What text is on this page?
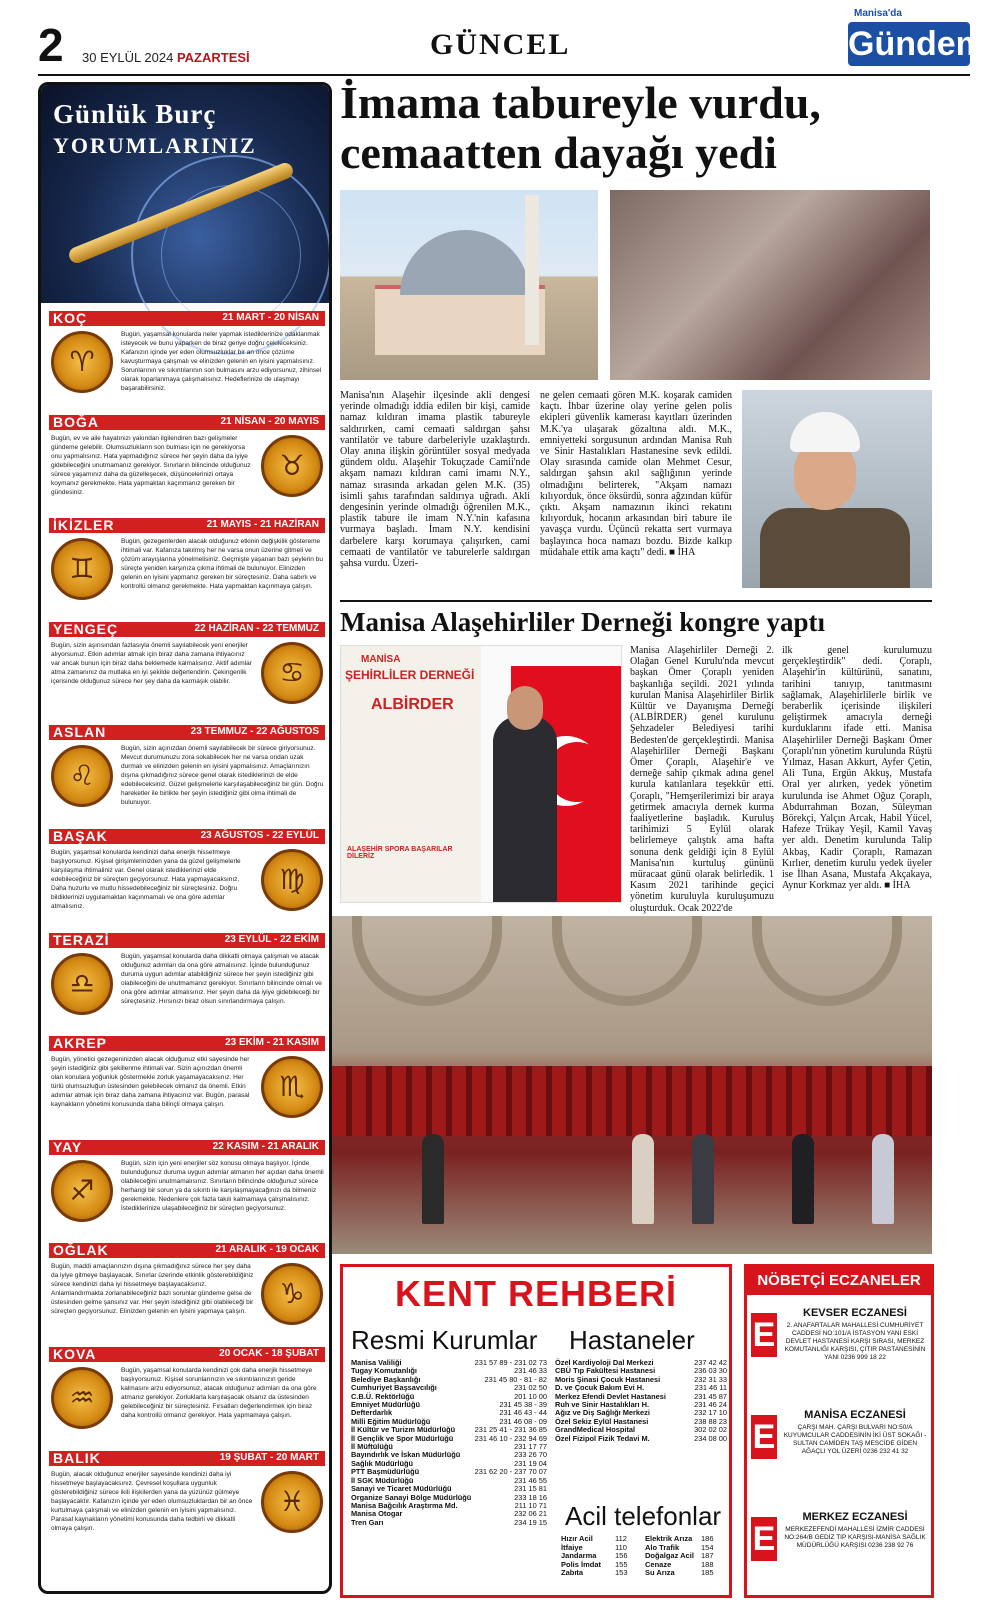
2 30 EYLÜL 2024 PAZARTESİ	GÜNCEL
Manisa'da
Gündem
Günlük Burç
YORUMLARINIZ
KOÇ	21 MART - 20 NİSAN
♈
Bugün, yaşamsal konularda neler yapmak istediklerinize odaklanmak isteyecek ve bunu yaparken de biraz geriye doğru çekileceksiniz. Kafanızın içinde yer eden olumsuzluklar bir an önce çözüme kavuşturmaya çalışmalı ve elinizden gelenin en iyisini yapmalısınız. Sorunlarının ve sıkıntılarının son bulmasını arzu ediyorsunuz, zihinsel olarak toparlanmaya çalışmalısınız. Hedeflerinize de ulaşmayı başarabilirsiniz.
BOĞA	21 NİSAN - 20 MAYIS
♉
Bugün, ev ve aile hayatınızı yakından ilgilendiren bazı gelişmeler gündeme gelebilir. Olumsuzlukların son bulması için ne gerekiyorsa onu yapmalısınız. Hata yapmadığınız sürece her şeyin daha da iyiye gidebileceğini unutmamanız gerekiyor. Sınırların bilincinde olduğunuz sürece yaşamınız daha da güzelleşecek, düşüncelerinizi ortaya koymanız gerekmekte. Hata yapmaktan kaçınmanız gereken bir gündesiniz.
İKİZLER	21 MAYIS - 21 HAZİRAN
♊
Bugün, gezegenlerden alacak olduğunuz etkinin değişkilik göstereme ihtimali var. Kafanıza takılmış her ne varsa onun üzerine gitmeli ve çözüm arayışlarına yönelmelisiniz. Geçmişte yaşanan bazı şeylerin bu süreçte yeniden karşınıza çıkma ihtimali de bulunuyor. Elinizden gelenin en iyisini yapmanız gereken bir süreçtesiniz. Daha sabırlı ve kontrollü olmanız gerekmekte. Hata yapmaktan kaçınmaya çalışın.
YENGEÇ	22 HAZİRAN - 22 TEMMUZ
♋
Bugün, sizin aşırısından fazlasıyla önemli sayılabilecek yeni enerjiler alıyorsunuz. Etkin adımlar atmak için biraz daha zamana ihtiyacınız var ancak bunun için biraz daha beklemede kalmalısınız. Aktif adımlar atma zamanınız da mutlaka en iyi şekilde değerlendirin. Çekingenlik içerisinde olduğunuz sürece her şey daha da karmaşık olabilir.
ASLAN	23 TEMMUZ - 22 AĞUSTOS
♌
Bugün, sizin açınızdan önemli sayılabilecek bir sürece giriyorsunuz. Mevcut durumunuzu zora sokabilecek her ne varsa ondan uzak durmalı ve elinizden gelenin en iyisini yapmalısınız. Amaçlarınızın dışına çıkmadığınız sürece genel olarak istediklerinizi de elde edebileceksiniz. Güzel gelişmelerle karşılaşabileceğiniz bir gün. Doğru hareketler ile birlikte her şeyin istediğiniz gibi olma ihtimali de bulunuyor.
BAŞAK	23 AĞUSTOS - 22 EYLÜL
♍
Bugün, yaşamsal konularda kendinizi daha enerjik hissetmeye başlıyorsunuz. Kişisel girişimlerinizden yana da güzel gelişmelerle karşılaşma ihtimaliniz var. Genel olarak istediklerinizi elde edebileceğiniz bir süreçten geçiyorsunuz. Hata yapmayacaksınız. Daha huzurlu ve mutlu hissedebileceğiniz bir süreçtesiniz. Doğru bildiklerinizi uygulamaktan kaçınmamalı ve ona göre adımlar atmalısınız.
TERAZİ	23 EYLÜL - 22 EKİM
♎
Bugün, yaşamsal konularda daha dikkatli olmaya çalışmalı ve atacak olduğunuz adımları da ona göre atmalısınız. İçinde bulunduğunuz duruma uygun adımlar atabildiğiniz sürece her şeyin istediğiniz gibi olabileceğini de unutmamanız gerekiyor. Sınırların bilincinde olmalı ve ona göre adımlar atmalısınız. Her şeyin daha da iyiye gidebileceği bir süreçtesiniz. Hırsınızı biraz olsun sınırlandırmaya çalışın.
AKREP	23 EKİM - 21 KASIM
♏
Bugün, yönetici gezegeninizden alacak olduğunuz etki sayesinde her şeyin istediğiniz gibi şekillenme ihtimali var. Sizin açınızdan önemli olan konulara yoğunluk göstermekle zorluk yaşamayacaksınız. Her türlü olumsuzluğun üstesinden gelebilecek olmanız da önemli. Etkin adımlar atmak için biraz daha zamana ihtiyacınız var. Bugün, parasal kaynakların yönetimi konusunda daha bilinçli olmaya çalışın.
YAY	22 KASIM - 21 ARALIK
♐
Bugün, sizin için yeni enerjiler söz konusu olmaya başlıyor. İçinde bulunduğunuz duruma uygun adımlar atmanın her açıdan daha önemli olabileceğini unutmamalısınız. Sınırların bilincinde olduğunuz sürece herhangi bir sorun ya da sıkıntı ile karşılaşmayacağınızı da bilmeniz gerekmekte. Nedenlere çok fazla takılı kalmamaya çalışmalısınız. İstediklerinize ulaşabileceğiniz bir süreçten geçiyorsunuz.
OĞLAK	21 ARALIK - 19 OCAK
♑
Bugün, maddi amaçlarınızın dışına çıkmadığınız sürece her şey daha da iyiye gitmeye başlayacak. Sınırlar üzerinde etkinlik gösterebildiğiniz sürece kendinizi daha iyi hissetmeye başlayacaksınız. Anlamlandırmakta zorlanabileceğiniz bazı sorunlar gündeme gelse de üstesinden gelme şansınız var. Her şeyin istediğiniz gibi olabileceği bir süreçten geçiyorsunuz. Elinizden gelenin en iyisini yapmaya çalışın.
KOVA	20 OCAK - 18 ŞUBAT
♒
Bugün, yaşamsal konularda kendinizi çok daha enerjik hissetmeye başlıyorsunuz. Kişisel sorunlarınızın ve sıkıntılarınızın geride kalmasını arzu ediyorsunuz, atacak olduğunuz adımları da ona göre atmanız gerekiyor. Zorluklarla karşılaşacak olsanız da üstesinden gelebileceğiniz bir süreçtesiniz. Fırsatları değerlendirmek için biraz daha kontrollü olmanız gerekiyor. Hata yapmamaya çalışın.
BALIK	19 ŞUBAT - 20 MART
♓
Bugün, alacak olduğunuz enerjiler sayesinde kendinizi daha iyi hissetmeye başlayacaksınız. Çevresel koşullara uygunluk gösterebildiğiniz sürece ikili ilişkilerden yana da yüzünüz gülmeye başlayacaktır. Kafanızın içinde yer eden olumsuzluklardan bir an önce kurtulmaya çalışmalı ve elinizden gelenin en iyisini yapmalısınız. Parasal kaynakların yönetimi konusunda daha tedbirli ve dikkatli olmaya çalışın.
İmama tabureyle vurdu,
cemaatten dayağı yedi
Manisa'nın Alaşehir ilçesinde akli dengesi yerinde olmadığı iddia edilen bir kişi, camide namaz kıldıran imama plastik tabureyle saldırırken, cami cemaati saldırgan şahsı vantilatör ve tabure darbeleriyle uzaklaştırdı. Olay anına ilişkin görüntüler sosyal medyada gündem oldu. Alaşehir Tokuçzade Camii'nde akşam namazı kıldıran cami imamı N.Y., namaz sırasında arkadan gelen M.K. (35) isimli şahıs tarafından saldırıya uğradı. Akli dengesinin yerinde olmadığı öğrenilen M.K., plastik tabure ile imam N.Y.'nin kafasına vurmaya başladı. İmam N.Y. kendisini darbelere karşı korumaya çalışırken, cami cemaati de vantilatör ve taburelerle saldırgan şahsa vurdu. Üzeri-
ne gelen cemaati gören M.K. koşarak camiden kaçtı. İhbar üzerine olay yerine gelen polis ekipleri güvenlik kamerası kayıtları üzerinden M.K.'ya ulaşarak gözaltına aldı. M.K., emniyetteki sorgusunun ardından Manisa Ruh ve Sinir Hastalıkları Hastanesine sevk edildi. Olay sırasında camide olan Mehmet Cesur, saldırgan şahsın akıl sağlığının yerinde olmadığını belirterek, "Akşam namazı kılıyorduk, önce öksürdü, sonra ağzından küfür çıktı. Akşam namazının ikinci rekatını kılıyorduk, hocanın arkasından biri tabure ile yavaşça vurdu. Üçüncü rekatta sert vurmaya başlayınca hoca namazı bozdu. Bizde kalkıp müdahale ettik ama kaçtı" dedi. ■ İHA
Manisa Alaşehirliler Derneği kongre yaptı
MANİSA
ŞEHİRLİLER DERNEĞİ
ALBİRDER
ALAŞEHİR SPORA BAŞARILAR DİLERİZ
Manisa Alaşehirliler Derneği 2. Olağan Genel Kurulu'nda mevcut başkan Ömer Çoraplı yeniden başkanlığa seçildi. 2021 yılında kurulan Manisa Alaşehirliler Birlik Kültür ve Dayanışma Derneği (ALBİRDER) genel kurulunu Şehzadeler Belediyesi tarihi Bedesten'de gerçekleştirdi. Manisa Alaşehirliler Derneği Başkanı Ömer Çoraplı, Alaşehir'e ve derneğe sahip çıkmak adına genel kurula katılanlara teşekkür etti. Çoraplı, "Hemşerilerimizi bir araya getirmek amacıyla dernek kurma faaliyetlerine başladık. Kuruluş tarihimizi 5 Eylül olarak belirlemeye çalıştık ama hafta sonuna denk geldiği için 8 Eylül Manisa'nın kurtuluş gününü müracaat günü olarak belirledik. 1 Kasım 2021 tarihinde geçici yönetim kuruluyla kuruluşumuzu oluşturduk. Ocak 2022'de
ilk genel kurulumuzu gerçekleştirdik" dedi. Çoraplı, Alaşehir'in kültürünü, sanatını, tarihini tanıyıp, tanıtmasını sağlamak, Alaşehirlilerle birlik ve beraberlik içerisinde ilişkileri geliştirmek amacıyla derneği kurduklarını ifade etti. Manisa Alaşehirliler Derneği Başkanı Ömer Çoraplı'nın yönetim kurulunda Rüştü Yılmaz, Hasan Akkurt, Ayfer Çetin, Ali Tuna, Ergün Akkuş, Mustafa Oral yer alırken, yedek yönetim kurulunda ise Ahmet Oğuz Çoraplı, Abdurrahman Bozan, Süleyman Börekçi, Yalçın Arcak, Habil Yücel, Hafeze Trükay Yeşil, Kamil Yavaş yer aldı. Denetim kurulunda Talip Akbaş, Kadir Çoraplı, Ramazan Kırlıer, denetim kurulu yedek üyeler ise İlhan Asana, Mustafa Akçakaya, Aynur Korkmaz yer aldı. ■ İHA
KENT REHBERİ
Resmi Kurumlar Hastaneler
Manisa Valiliği	231 57 89 - 231 02 73
Tugay Komutanlığı	231 46 33
Belediye Başkanlığı	231 45 80 - 81 - 82
Cumhuriyet Başsavcılığı	231 02 50
C.B.Ü. Rektörlüğü	201 10 00
Emniyet Müdürlüğü	231 45 38 - 39
Defterdarlık	231 46 43 - 44
Milli Eğitim Müdürlüğü	231 46 08 - 09
İl Kültür ve Turizm Müdürlüğü	231 25 41 - 231 36 85
İl Gençlik ve Spor Müdürlüğü	231 46 10 - 232 94 69
İl Müftülüğü	231 17 77
Bayındırlık ve İskan Müdürlüğü	233 26 70
Sağlık Müdürlüğü	231 19 04
PTT Başmüdürlüğü	231 62 20 - 237 70 07
İl SGK Müdürlüğü	231 46 55
Sanayi ve Ticaret Müdürlüğü	231 15 81
Organize Sanayi Bölge Müdürlüğü	233 18 16
Manisa Bağcılık Araştırma Md.	211 10 71
Manisa Otogar	232 06 21
Tren Garı	234 19 15
Özel Kardiyoloji Dal Merkezi	237 42 42
CBÜ Tıp Fakültesi Hastanesi	236 03 30
Moris Şinasi Çocuk Hastanesi	232 31 33
D. ve Çocuk Bakım Evi H.	231 46 11
Merkez Efendi Devlet Hastanesi	231 45 87
Ruh ve Sinir Hastalıkları H.	231 46 24
Ağız ve Diş Sağlığı Merkezi	232 17 10
Özel Sekiz Eylül Hastanesi	238 88 23
GrandMedical Hospital	302 02 02
Özel Fizipol Fizik Tedavi M.	234 08 00
Acil telefonlar
Hızır Acil	112	Elektrik Arıza	186
İtfaiye	110	Alo Trafik	154
Jandarma	156	Doğalgaz Acil 187
Polis İmdat	155	Cenaze	188
Zabıta	153	Su Arıza	185
NÖBETÇİ ECZANELER
E
KEVSER ECZANESİ
2. ANAFARTALAR MAHALLESİ CUMHURİYET CADDESİ NO:101/A İSTASYON YANI ESKİ DEVLET HASTANESİ KARŞI SIRASI, MERKEZ KOMUTANLIĞI KARŞISI, ÇITIR PASTANESİNİN YANI 0236 999 18 22
E
MANİSA ECZANESİ
ÇARŞI MAH. ÇARŞI BULVARI NO:50/A KUYUMCULAR CADDESİNİN İKİ ÜST SOKAĞI - SULTAN CAMİDEN TAŞ MESCİDE GİDEN AĞAÇLI YOL ÜZERİ 0236 232 41 32
E
MERKEZ ECZANESİ
MERKEZEFENDİ MAHALLESİ İZMİR CADDESİ NO:264/B GEDİZ TIP KARŞISI-MANİSA SAĞLIK MÜDÜRLÜĞÜ KARŞISI 0236 238 92 76
